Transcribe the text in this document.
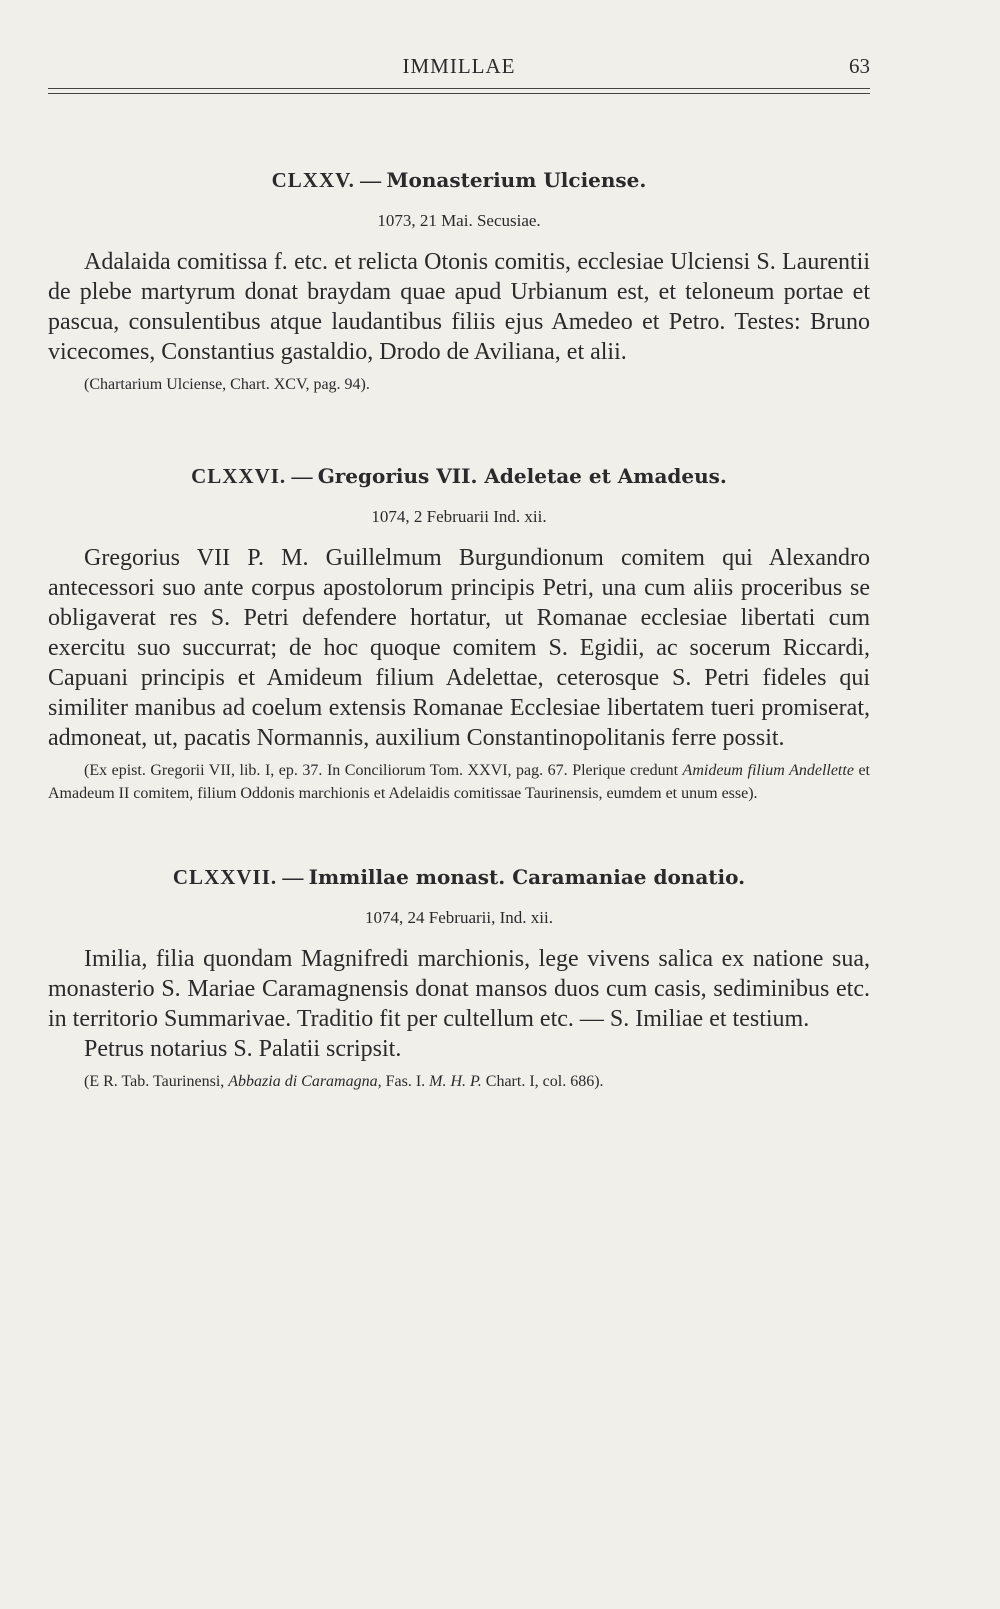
IMMILLAE	63
CLXXV. — Monasterium Ulciense.
1073, 21 Mai. Secusiae.

Adalaida comitissa f. etc. et relicta Otonis comitis, ecclesiae Ulciensi S. Laurentii de plebe martyrum donat braydam quae apud Urbianum est, et teloneum portae et pascua, consulentibus atque laudantibus filiis ejus Amedeo et Petro. Testes: Bruno vicecomes, Constantius gastaldio, Drodo de Aviliana, et alii.

(Chartarium Ulciense, Chart. XCV, pag. 94).

CLXXVI. — Gregorius VII. Adeletae et Amadeus.
1074, 2 Februarii Ind. xii.

Gregorius VII P. M. Guillelmum Burgundionum comitem qui Alexandro antecessori suo ante corpus apostolorum principis Petri, una cum aliis proceribus se obligaverat res S. Petri defendere hortatur, ut Romanae ecclesiae libertati cum exercitu suo succurrat; de hoc quoque comitem S. Egidii, ac socerum Riccardi, Capuani principis et Amideum filium Adelettae, ceterosque S. Petri fideles qui similiter manibus ad coelum extensis Romanae Ecclesiae libertatem tueri promiserat, admoneat, ut, pacatis Normannis, auxilium Constantinopolitanis ferre possit.

(Ex epist. Gregorii VII, lib. I, ep. 37. In Conciliorum Tom. XXVI, pag. 67. Plerique credunt Amideum filium Andellette et Amadeum II comitem, filium Oddonis marchionis et Adelaidis comitissae Taurinensis, eumdem et unum esse).

CLXXVII. — Immillae monast. Caramaniae donatio.
1074, 24 Februarii, Ind. xii.

Imilia, filia quondam Magnifredi marchionis, lege vivens salica ex natione sua, monasterio S. Mariae Caramagnensis donat mansos duos cum casis, sediminibus etc. in territorio Summarivae. Traditio fit per cultellum etc. — S. Imiliae et testium.

Petrus notarius S. Palatii scripsit.

(E R. Tab. Taurinensi, Abbazia di Caramagna, Fas. I. M. H. P. Chart. I, col. 686).
